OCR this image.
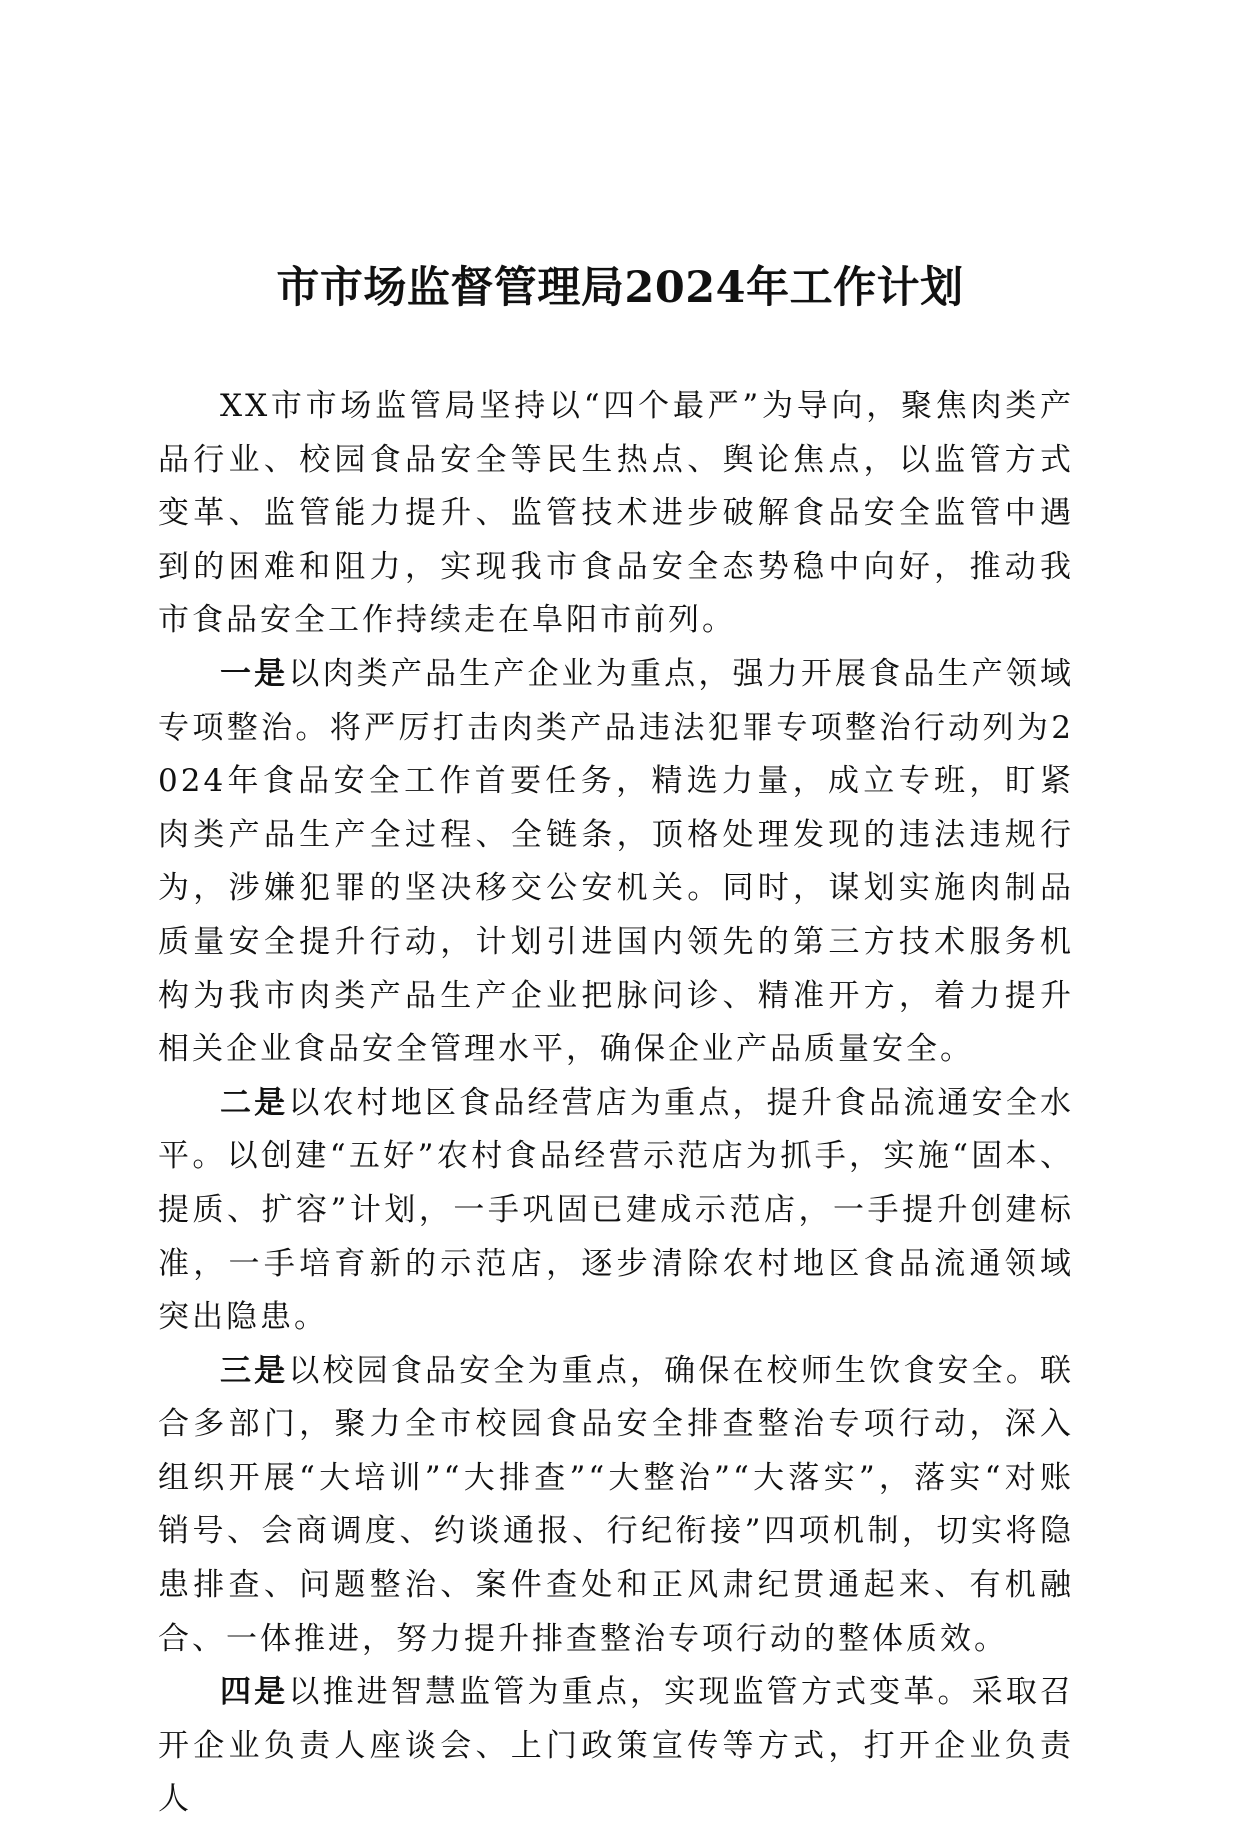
市市场监督管理局2024年工作计划

XX市市场监管局坚持以“四个最严”为导向，聚焦肉类产品行业、校园食品安全等民生热点、舆论焦点，以监管方式变革、监管能力提升、监管技术进步破解食品安全监管中遇到的困难和阻力，实现我市食品安全态势稳中向好，推动我市食品安全工作持续走在阜阳市前列。

一是以肉类产品生产企业为重点，强力开展食品生产领域专项整治。将严厉打击肉类产品违法犯罪专项整治行动列为2024年食品安全工作首要任务，精选力量，成立专班，盯紧肉类产品生产全过程、全链条，顶格处理发现的违法违规行为，涉嫌犯罪的坚决移交公安机关。同时，谋划实施肉制品质量安全提升行动，计划引进国内领先的第三方技术服务机构为我市肉类产品生产企业把脉问诊、精准开方，着力提升相关企业食品安全管理水平，确保企业产品质量安全。

二是以农村地区食品经营店为重点，提升食品流通安全水平。以创建“五好”农村食品经营示范店为抓手，实施“固本、提质、扩容”计划，一手巩固已建成示范店，一手提升创建标准，一手培育新的示范店，逐步清除农村地区食品流通领域突出隐患。

三是以校园食品安全为重点，确保在校师生饮食安全。联合多部门，聚力全市校园食品安全排查整治专项行动，深入组织开展“大培训”“大排查”“大整治”“大落实”，落实“对账销号、会商调度、约谈通报、行纪衔接”四项机制，切实将隐患排查、问题整治、案件查处和正风肃纪贯通起来、有机融合、一体推进，努力提升排查整治专项行动的整体质效。

四是以推进智慧监管为重点，实现监管方式变革。采取召开企业负责人座谈会、上门政策宣传等方式，打开企业负责人
